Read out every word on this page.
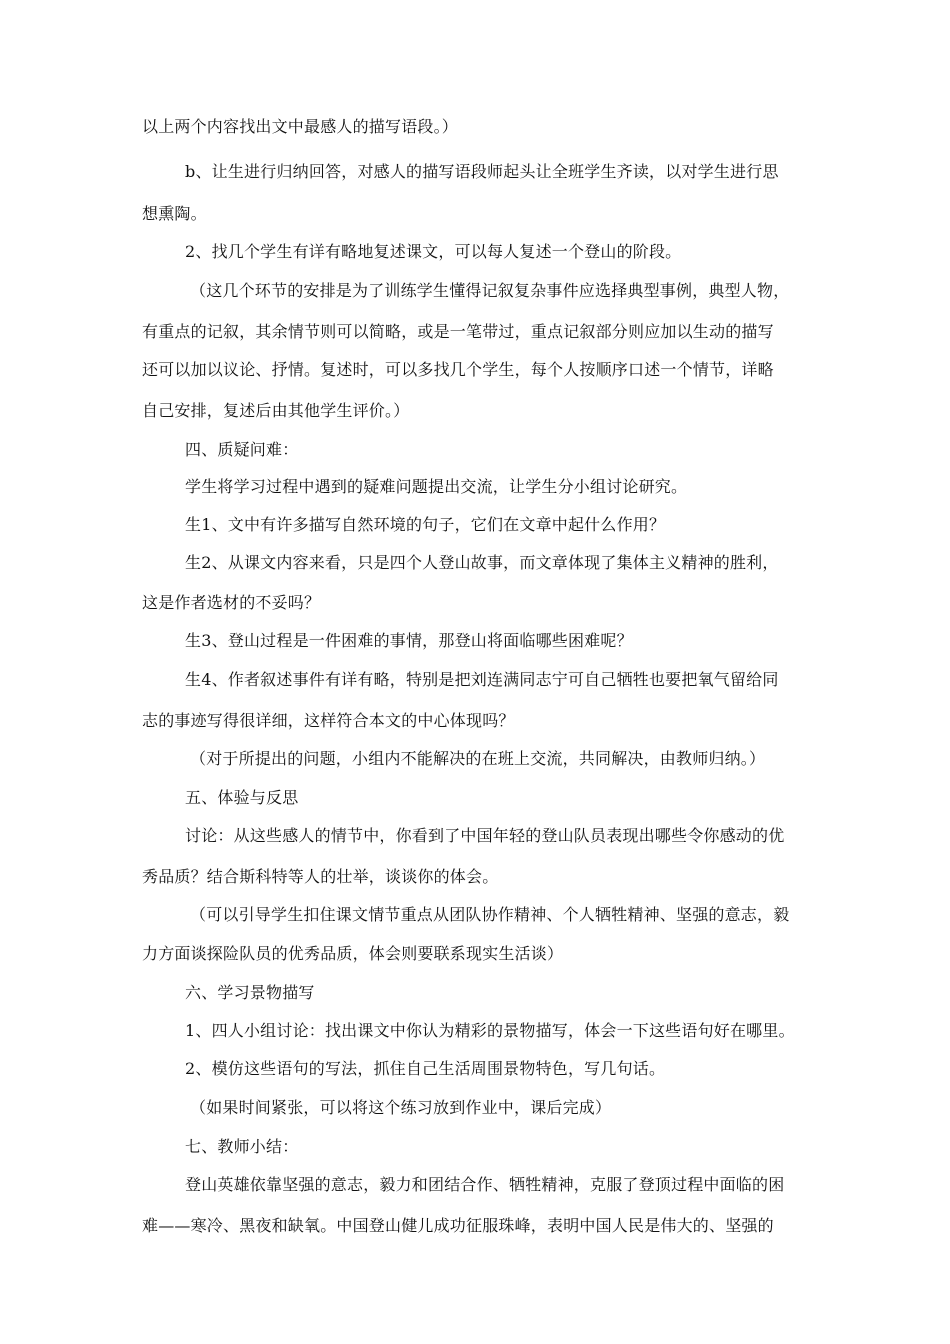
以上两个内容找出文中最感人的描写语段。）
b、让生进行归纳回答，对感人的描写语段师起头让全班学生齐读，以对学生进行思
想熏陶。
2、找几个学生有详有略地复述课文，可以每人复述一个登山的阶段。
（这几个环节的安排是为了训练学生懂得记叙复杂事件应选择典型事例，典型人物，
有重点的记叙，其余情节则可以简略，或是一笔带过，重点记叙部分则应加以生动的描写
还可以加以议论、抒情。复述时，可以多找几个学生，每个人按顺序口述一个情节，详略
自己安排，复述后由其他学生评价。）
四、质疑问难：
学生将学习过程中遇到的疑难问题提出交流，让学生分小组讨论研究。
生1、文中有许多描写自然环境的句子，它们在文章中起什么作用？
生2、从课文内容来看，只是四个人登山故事，而文章体现了集体主义精神的胜利，
这是作者选材的不妥吗？
生3、登山过程是一件困难的事情，那登山将面临哪些困难呢？
生4、作者叙述事件有详有略，特别是把刘连满同志宁可自己牺牲也要把氧气留给同
志的事迹写得很详细，这样符合本文的中心体现吗？
（对于所提出的问题，小组内不能解决的在班上交流，共同解决，由教师归纳。）
五、体验与反思
讨论：从这些感人的情节中，你看到了中国年轻的登山队员表现出哪些令你感动的优
秀品质？结合斯科特等人的壮举，谈谈你的体会。
（可以引导学生扣住课文情节重点从团队协作精神、个人牺牲精神、坚强的意志，毅
力方面谈探险队员的优秀品质，体会则要联系现实生活谈）
六、学习景物描写
1、四人小组讨论：找出课文中你认为精彩的景物描写，体会一下这些语句好在哪里。
2、模仿这些语句的写法，抓住自己生活周围景物特色，写几句话。
（如果时间紧张，可以将这个练习放到作业中，课后完成）
七、教师小结：
登山英雄依靠坚强的意志，毅力和团结合作、牺牲精神，克服了登顶过程中面临的困
难——寒冷、黑夜和缺氧。中国登山健儿成功征服珠峰，表明中国人民是伟大的、坚强的
